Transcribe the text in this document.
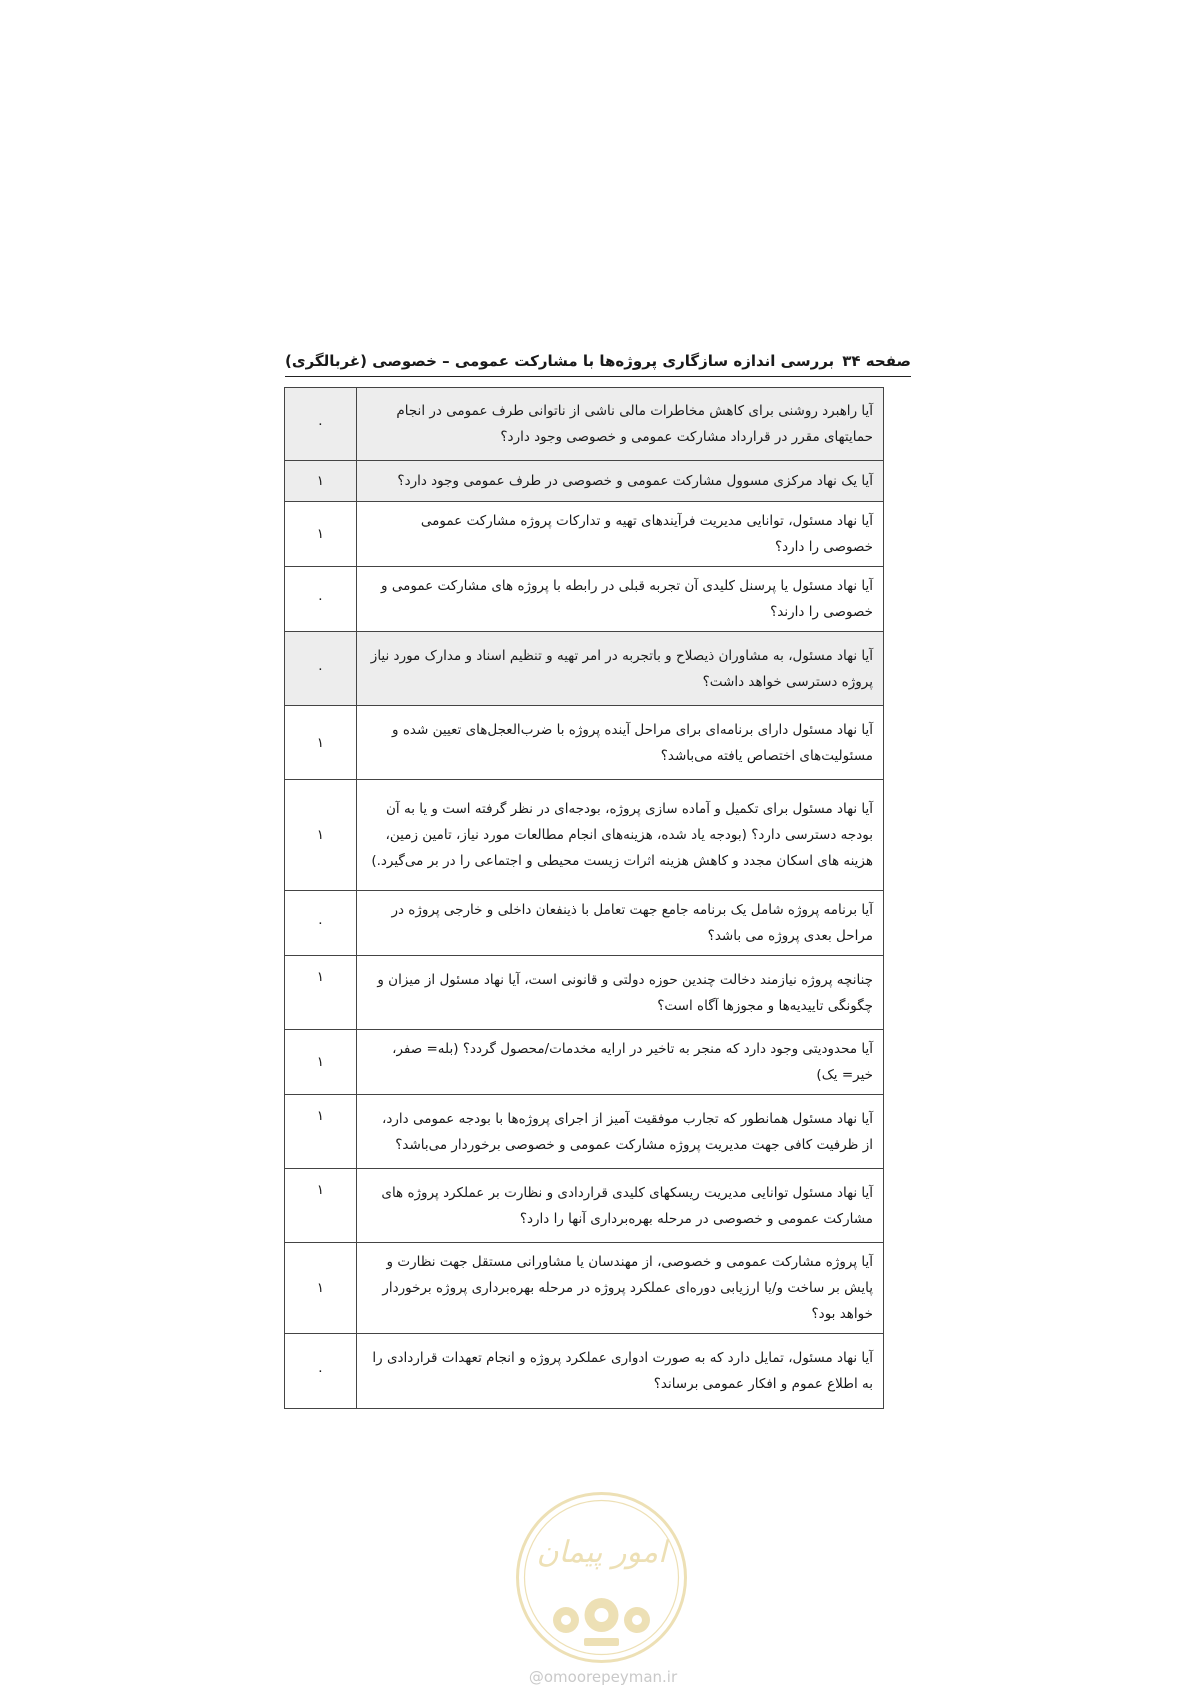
صفحه ۳۴
بررسی اندازه سازگاری پروژه‌ها با مشارکت عمومی – خصوصی (غربالگری)
آیا راهبرد روشنی برای کاهش مخاطرات مالی ناشی از ناتوانی طرف عمومی در انجام حمایتهای مقرر در قرارداد مشارکت عمومی و خصوصی وجود دارد؟	۰
آیا یک نهاد مرکزی مسوول مشارکت عمومی و خصوصی در طرف عمومی وجود دارد؟	۱
آیا نهاد مسئول، توانایی مدیریت فرآیندهای تهیه و تدارکات پروژه مشارکت عمومی خصوصی را دارد؟	۱
آیا نهاد مسئول یا پرسنل کلیدی آن تجربه قبلی در رابطه با پروژه های مشارکت عمومی و خصوصی را دارند؟	۰
آیا نهاد مسئول، به مشاوران ذیصلاح و باتجربه در امر تهیه و تنظیم اسناد و مدارک مورد نیاز پروژه دسترسی خواهد داشت؟	۰
آیا نهاد مسئول دارای برنامه‌ای برای مراحل آینده پروژه با ضرب‌العجل‌های تعیین شده و مسئولیت‌های اختصاص یافته می‌باشد؟	۱
آیا نهاد مسئول برای تکمیل و آماده سازی پروژه، بودجه‌ای در نظر گرفته است و یا به آن بودجه دسترسی دارد؟ (بودجه یاد شده، هزینه‌های انجام مطالعات مورد نیاز، تامین زمین، هزینه های اسکان مجدد و کاهش هزینه اثرات زیست محیطی و اجتماعی را در بر می‌گیرد.)	۱
آیا برنامه پروژه شامل یک برنامه جامع جهت تعامل با ذینفعان داخلی و خارجی پروژه در مراحل بعدی پروژه می باشد؟	۰
چنانچه پروژه نیازمند دخالت چندین حوزه دولتی و قانونی است، آیا نهاد مسئول از میزان و چگونگی تاییدیه‌ها و مجوزها آگاه است؟	۱
آیا محدودیتی وجود دارد که منجر به تاخیر در ارایه مخدمات/محصول گردد؟ (بله= صفر، خیر= یک)	۱
آیا نهاد مسئول همانطور که تجارب موفقیت آمیز از اجرای پروژه‌ها با بودجه عمومی دارد، از ظرفیت کافی جهت مدیریت پروژه مشارکت عمومی و خصوصی برخوردار می‌باشد؟	۱
آیا نهاد مسئول توانایی مدیریت ریسکهای کلیدی قراردادی و نظارت بر عملکرد پروژه های مشارکت عمومی و خصوصی در مرحله بهره‌برداری آنها را دارد؟	۱
آیا پروژه مشارکت عمومی و خصوصی، از مهندسان یا مشاورانی مستقل جهت نظارت و پایش بر ساخت و/یا ارزیابی دوره‌ای عملکرد پروژه در مرحله بهره‌برداری پروژه برخوردار خواهد بود؟	۱
آیا نهاد مسئول، تمایل دارد که به صورت ادواری عملکرد پروژه و انجام تعهدات قراردادی را به اطلاع عموم و افکار عمومی برساند؟	۰
امور پیمان
@omoorepeyman.ir
